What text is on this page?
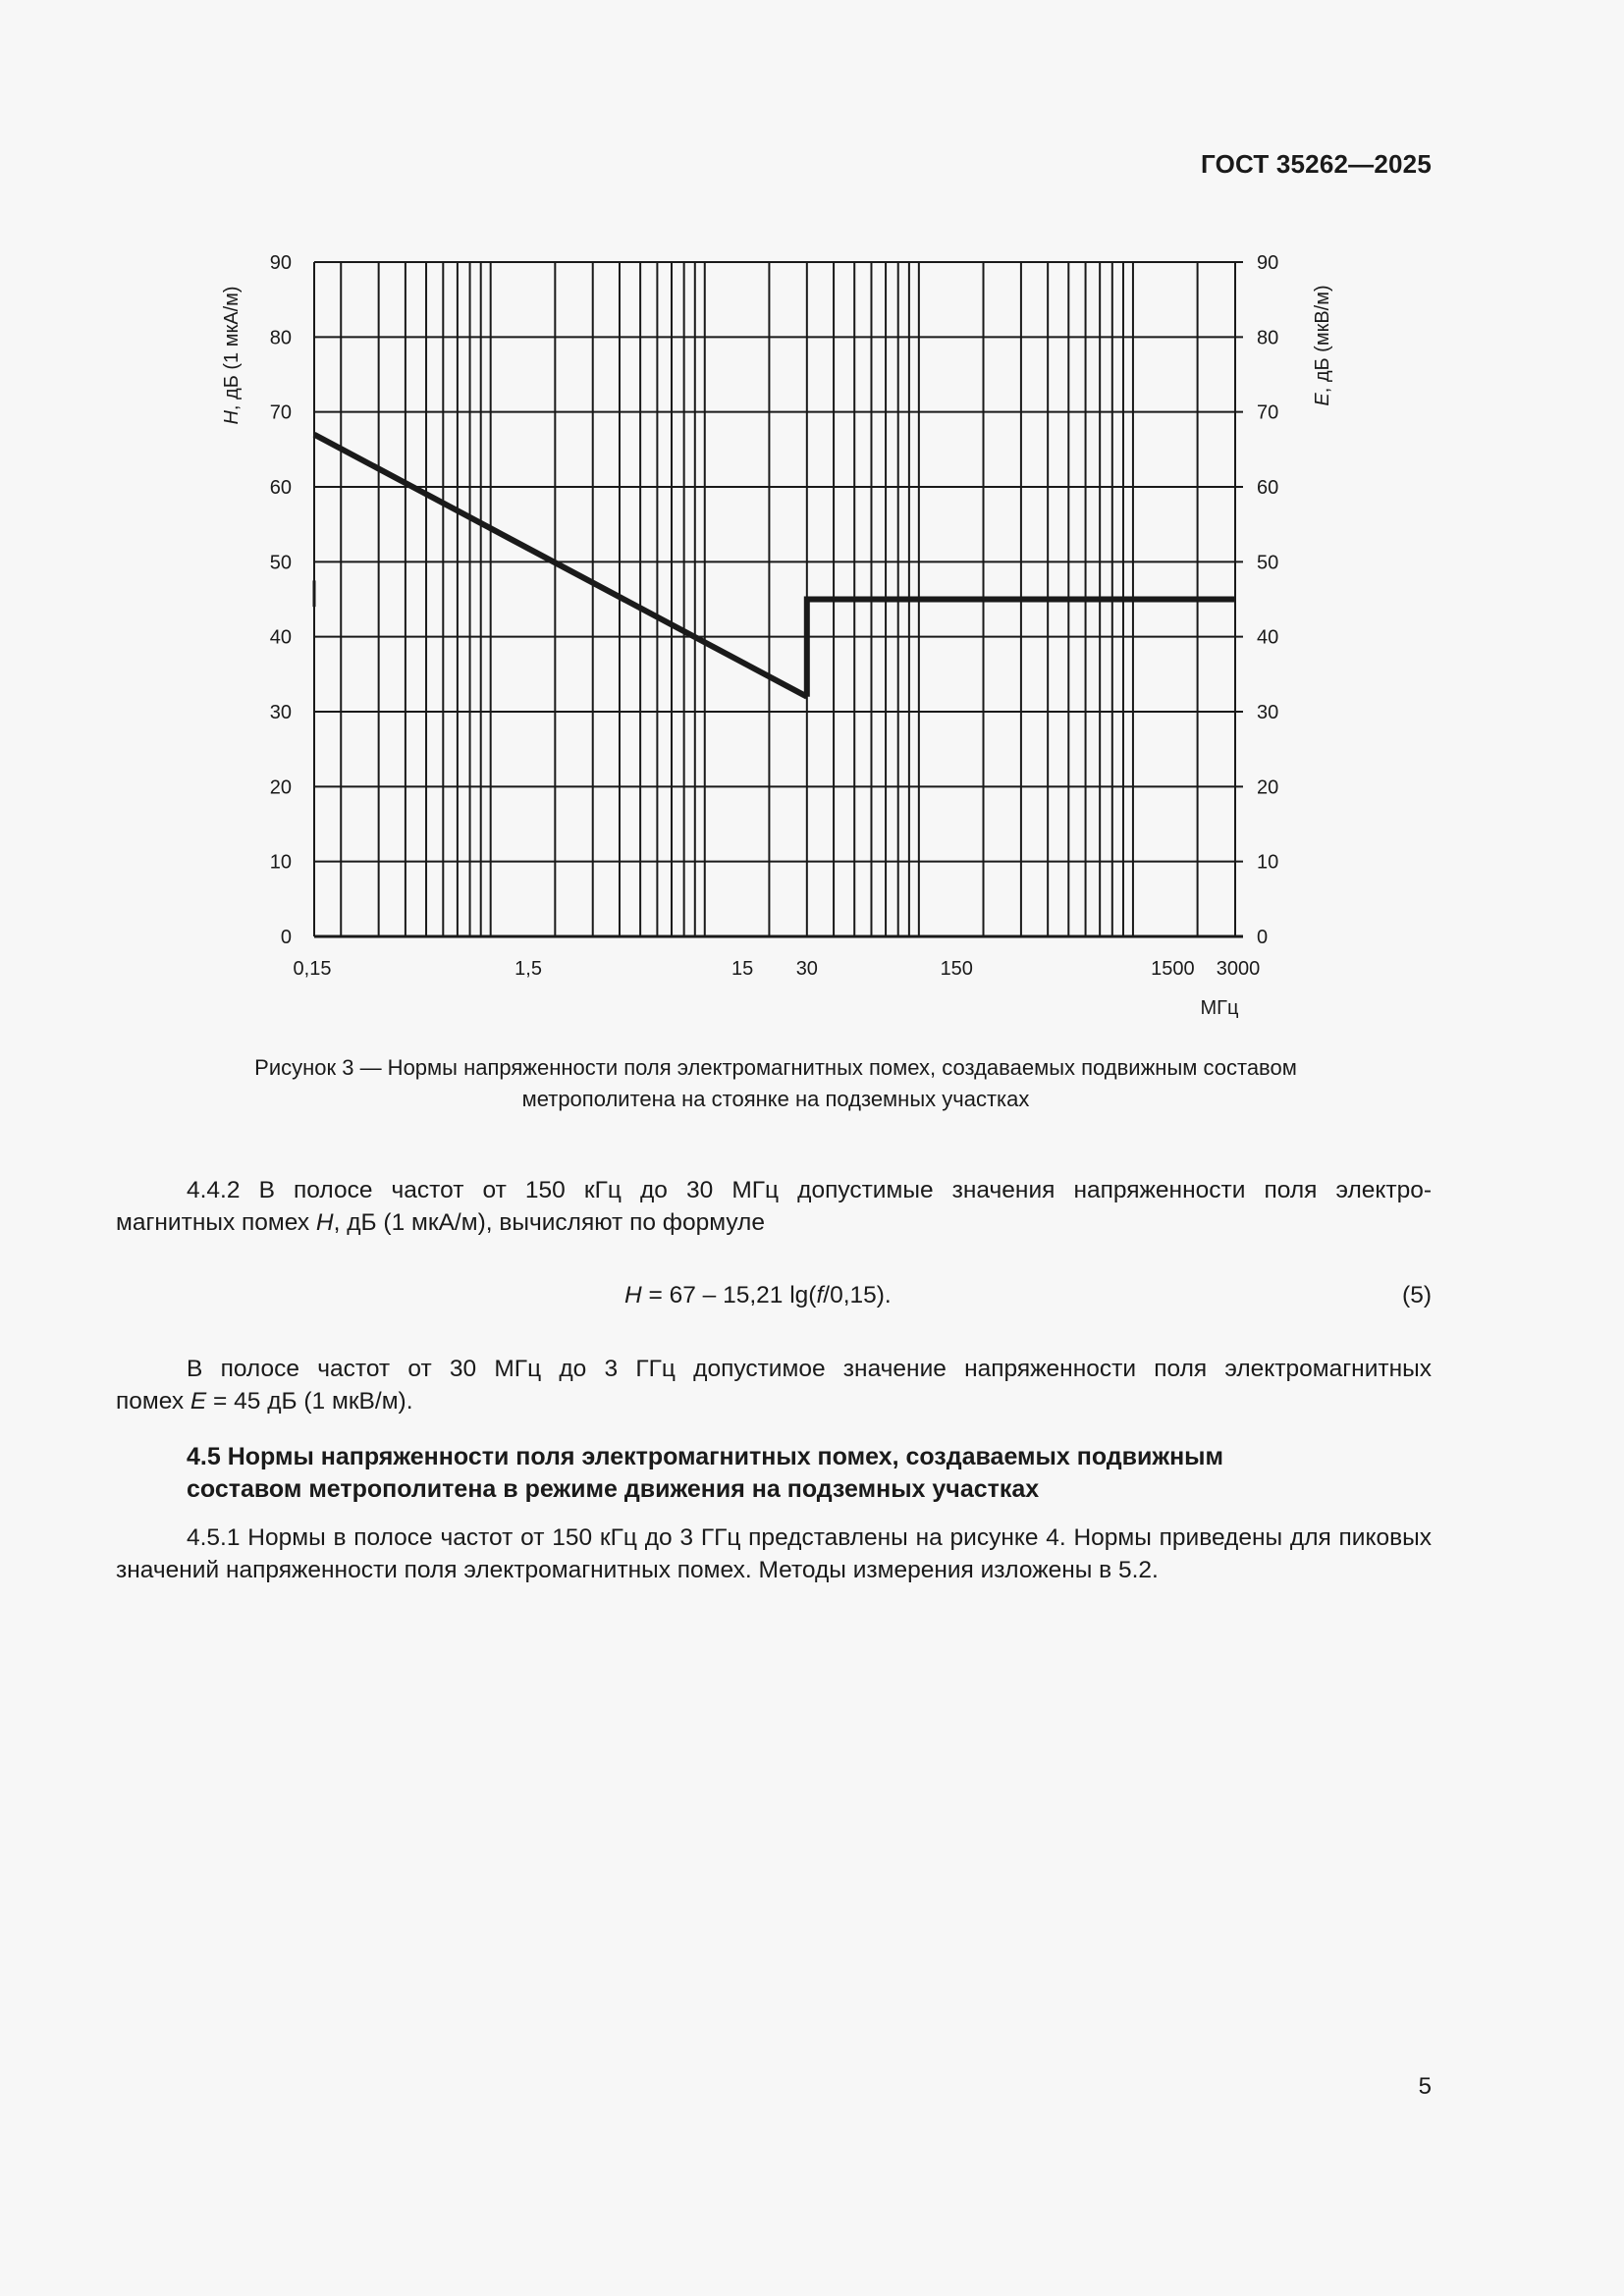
ГОСТ 35262—2025
0
10
20
30
40
50
60
70
80
90
0
10
20
30
40
50
60
70
80
90
0,15	1,5	15 30	150	1500 3000
H, дБ (1 мкА/м)	E, дБ (мкВ/м)
МГц
Рисунок 3 — Нормы напряженности поля электромагнитных помех, создаваемых подвижным составом
метрополитена на стоянке на подземных участках
4.4.2 В полосе частот от 150 кГц до 30 МГц допустимые значения напряженности поля электро-
магнитных помех H, дБ (1 мкА/м), вычисляют по формуле
H = 67 – 15,21 lg(f/0,15).	(5)
В полосе частот от 30 МГц до 3 ГГц допустимое значение напряженности поля электромагнитных
помех E = 45 дБ (1 мкВ/м).
4.5 Нормы напряженности поля электромагнитных помех, создаваемых подвижным
составом метрополитена в режиме движения на подземных участках
4.5.1 Нормы в полосе частот от 150 кГц до 3 ГГц представлены на рисунке 4. Нормы приведены для пиковых значений напряженности поля электромагнитных помех. Методы измерения изложены в 5.2.
5
